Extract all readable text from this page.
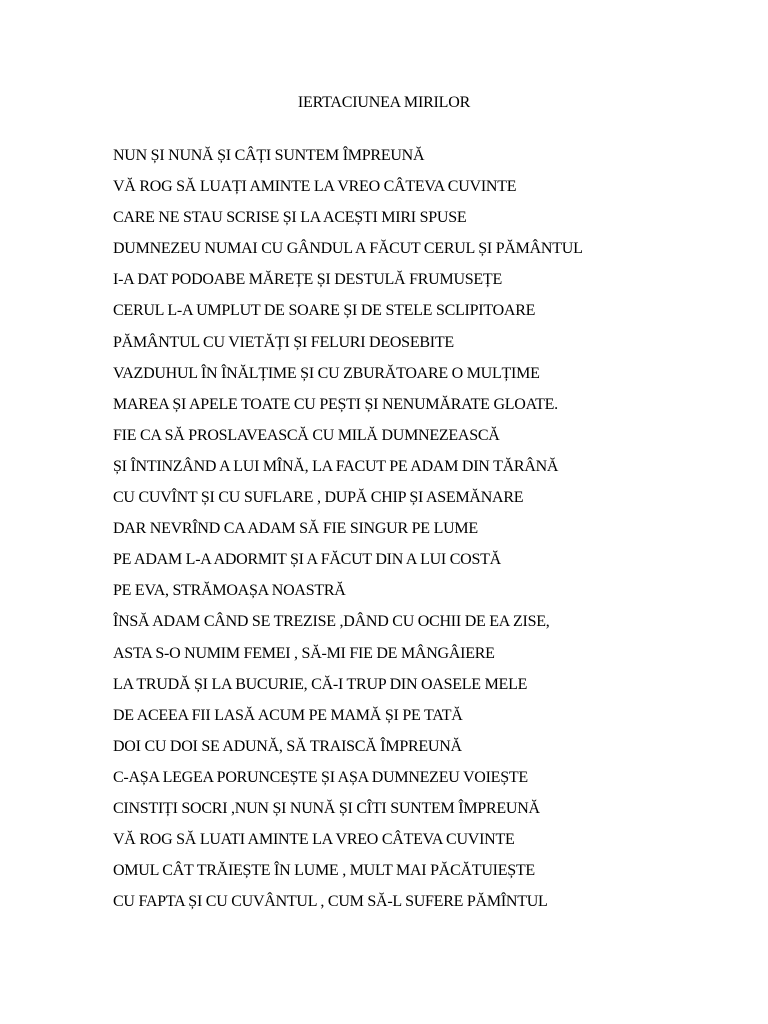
IERTACIUNEA MIRILOR
NUN ȘI NUNĂ ȘI CÂȚI SUNTEM ÎMPREUNĂ
VĂ ROG SĂ LUAȚI AMINTE LA VREO CÂTEVA CUVINTE
CARE NE STAU SCRISE ȘI LA ACEȘTI MIRI SPUSE
DUMNEZEU NUMAI CU GÂNDUL A FĂCUT CERUL ȘI PĂMÂNTUL
I-A DAT PODOABE MĂREȚE ȘI DESTULĂ FRUMUSEȚE
CERUL L-A UMPLUT DE SOARE ȘI DE STELE SCLIPITOARE
PĂMÂNTUL CU VIETĂȚI ȘI FELURI DEOSEBITE
VAZDUHUL ÎN ÎNĂLȚIME ȘI CU ZBURĂTOARE O MULȚIME
MAREA ȘI APELE TOATE CU PEȘTI ȘI NENUMĂRATE GLOATE.
FIE CA SĂ PROSLAVEASCĂ CU MILĂ DUMNEZEASCĂ
ȘI ÎNTINZÂND A LUI MÎNĂ, LA FACUT PE ADAM DIN TĂRÂNĂ
CU CUVÎNT ȘI CU SUFLARE , DUPĂ CHIP ȘI ASEMĂNARE
DAR NEVRÎND CA ADAM SĂ FIE SINGUR PE LUME
PE ADAM L-A ADORMIT ȘI A FĂCUT DIN A LUI COSTĂ
PE EVA, STRĂMOAȘA NOASTRĂ
ÎNSĂ ADAM CÂND SE TREZISE ,DÂND CU OCHII DE EA ZISE,
ASTA S-O NUMIM FEMEI , SĂ-MI FIE DE MÂNGÂIERE
LA TRUDĂ ȘI LA BUCURIE, CĂ-I TRUP DIN OASELE MELE
DE ACEEA FII LASĂ ACUM PE MAMĂ ȘI PE TATĂ
DOI CU DOI SE ADUNĂ, SĂ TRAISCĂ ÎMPREUNĂ
C-AȘA LEGEA PORUNCEȘTE ȘI AȘA DUMNEZEU VOIEȘTE
CINSTIȚI SOCRI ,NUN ȘI NUNĂ ȘI CÎTI SUNTEM ÎMPREUNĂ
VĂ ROG SĂ LUATI AMINTE LA VREO CÂTEVA CUVINTE
OMUL CÂT TRĂIEȘTE ÎN LUME , MULT MAI PĂCĂTUIEȘTE
CU FAPTA ȘI CU CUVÂNTUL , CUM SĂ-L SUFERE PĂMÎNTUL
